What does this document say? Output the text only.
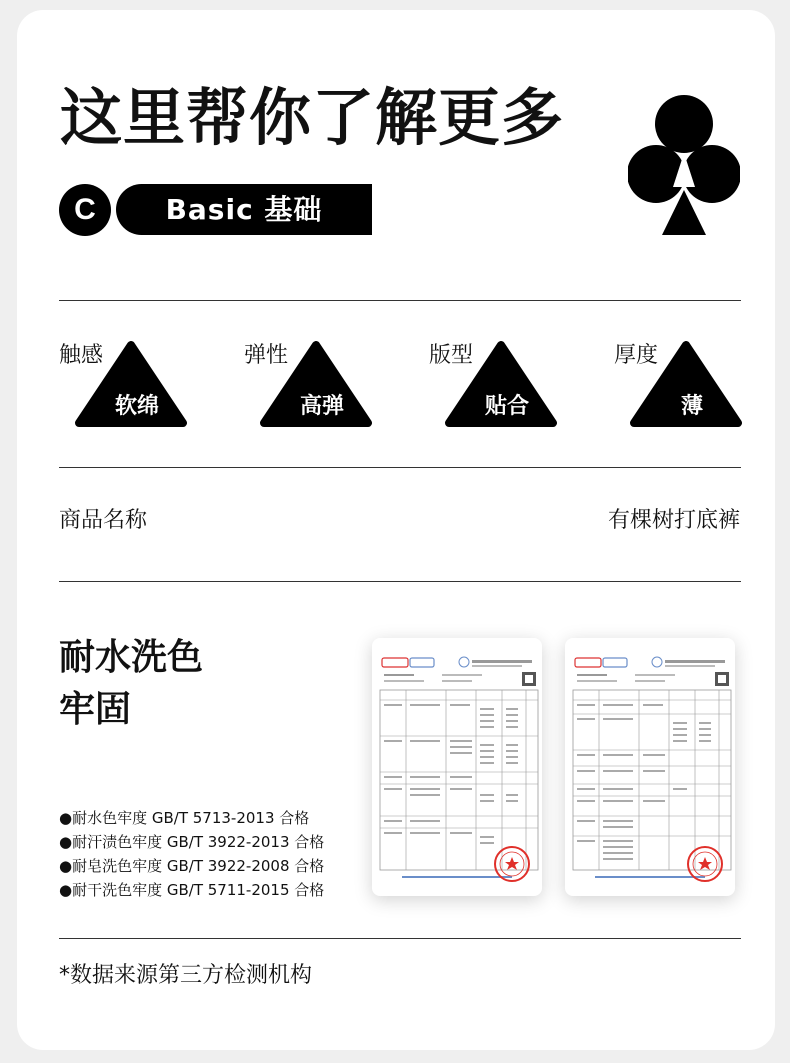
这里帮你了解更多
C	Basic 基础
触感
软绵
弹性
高弹
版型
贴合
厚度
薄
商品名称	有棵树打底裤
耐水洗色
牢固
●耐水色牢度 GB/T 5713-2013 合格
●耐汗渍色牢度 GB/T 3922-2013 合格
●耐皂洗色牢度 GB/T 3922-2008 合格
●耐干洗色牢度 GB/T 5711-2015 合格
*数据来源第三方检测机构
